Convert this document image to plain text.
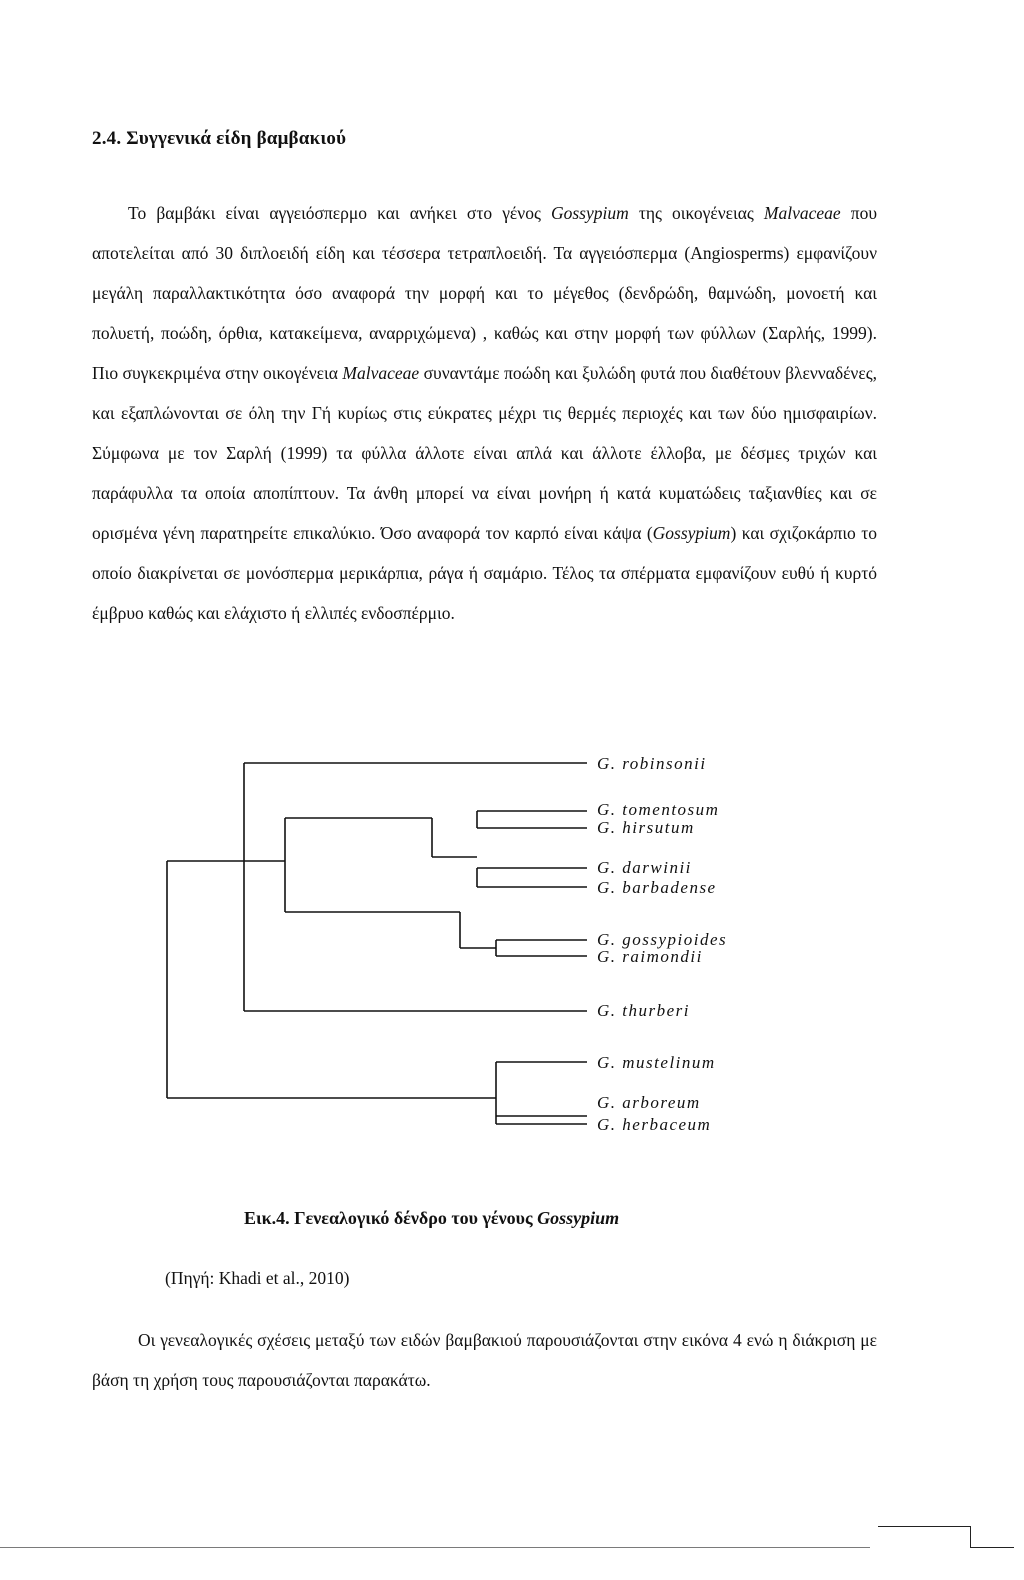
2.4. Συγγενικά είδη βαμβακιού

Το βαμβάκι είναι αγγειόσπερμο και ανήκει στο γένος Gossypium της οικογένειας Malvaceae που αποτελείται από 30 διπλοειδή είδη και τέσσερα τετραπλοειδή. Τα αγγειόσπερμα (Angiosperms) εμφανίζουν μεγάλη παραλλακτικότητα όσο αναφορά την μορφή και το μέγεθος (δενδρώδη, θαμνώδη, μονοετή και πολυετή, ποώδη, όρθια, κατακείμενα, αναρριχώμενα) , καθώς και στην μορφή των φύλλων (Σαρλής, 1999). Πιο συγκεκριμένα στην οικογένεια Malvaceae συναντάμε ποώδη και ξυλώδη φυτά που διαθέτουν βλενναδένες, και εξαπλώνονται σε όλη την Γή κυρίως στις εύκρατες μέχρι τις θερμές περιοχές και των δύο ημισφαιρίων. Σύμφωνα με τον Σαρλή (1999) τα φύλλα άλλοτε είναι απλά και άλλοτε έλλοβα, με δέσμες τριχών και παράφυλλα τα οποία αποπίπτουν. Τα άνθη μπορεί να είναι μονήρη ή κατά κυματώδεις ταξιανθίες και σε ορισμένα γένη παρατηρείτε επικαλύκιο. Όσο αναφορά τον καρπό είναι κάψα (Gossypium) και σχιζοκάρπιο το οποίο διακρίνεται σε μονόσπερμα μερικάρπια, ράγα ή σαμάριο. Τέλος τα σπέρματα εμφανίζουν ευθύ ή κυρτό έμβρυο καθώς και ελάχιστο ή ελλιπές ενδοσπέρμιο.

G. robinsonii
G. tomentosum
G. hirsutum
G. darwinii
G. barbadense
G. gossypioides
G. raimondii
G. thurberi
G. mustelinum
G. arboreum
G. herbaceum
Εικ.4. Γενεαλογικό δένδρο του γένους Gossypium
(Πηγή: Khadi et al., 2010)

Οι γενεαλογικές σχέσεις μεταξύ των ειδών βαμβακιού παρουσιάζονται στην εικόνα 4 ενώ η διάκριση με βάση τη χρήση τους παρουσιάζονται παρακάτω.
